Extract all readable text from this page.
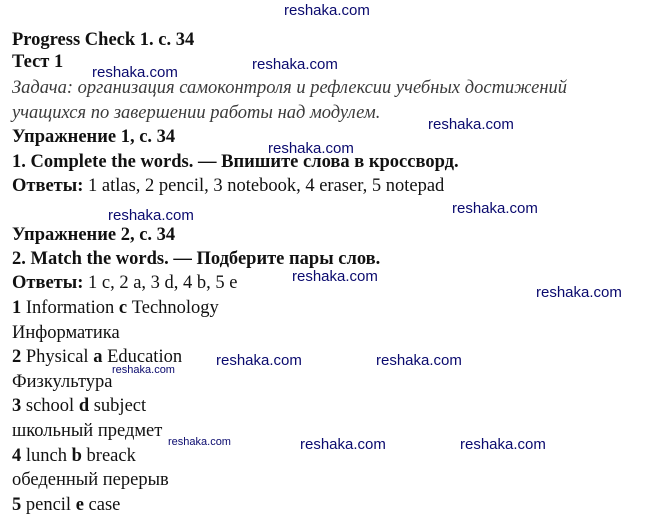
reshaka.com
reshaka.com	reshaka.com
reshaka.com
reshaka.com
reshaka.com	reshaka.com
reshaka.com
reshaka.com
reshaka.com	reshaka.com
reshaka.com
reshaka.com	reshaka.com	reshaka.com
Progress Check 1. с. 34
Тест 1
Задача: организация самоконтроля и рефлексии учебных достижений
учащихся по завершении работы над модулем.
Упражнение 1, с. 34
1. Complete the words. — Впишите слова в кроссворд.
Ответы: 1 atlas, 2 pencil, 3 notebook, 4 eraser, 5 notepad
Упражнение 2, с. 34
2. Match the words. — Подберите пары слов.
Ответы: 1 с, 2 а, 3 d, 4 b, 5 е
1 Information с Technology
Информатика
2 Physical а Education
Физкультура
3 school d subject
школьный предмет
4 lunch b breack
обеденный перерыв
5 pencil е case
